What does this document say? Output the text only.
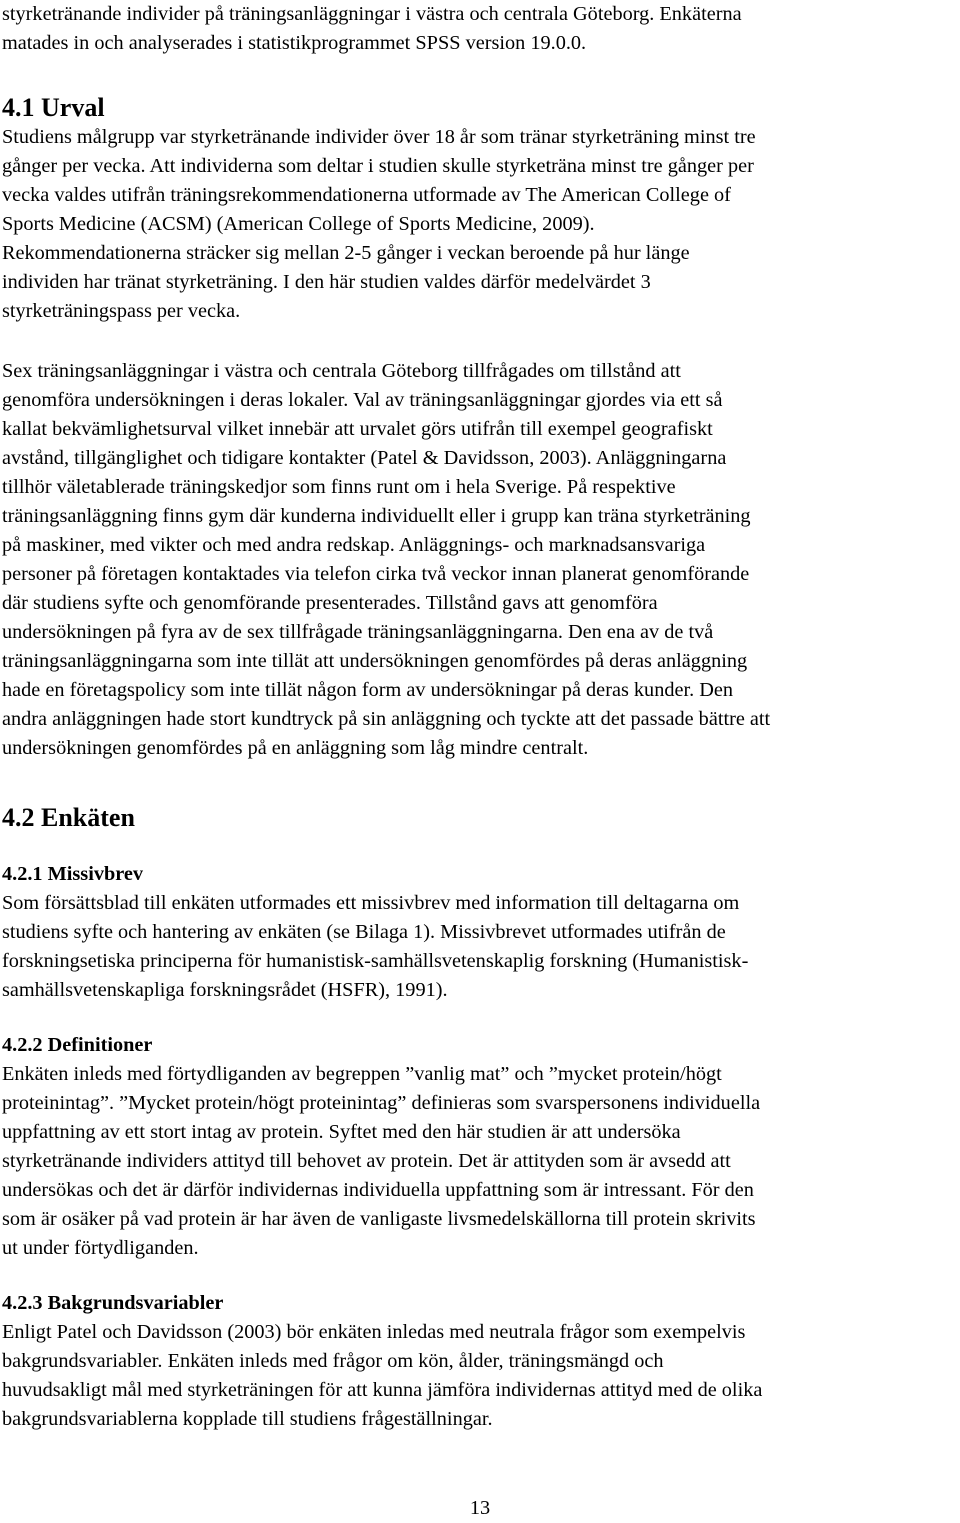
styrketränande individer på träningsanläggningar i västra och centrala Göteborg. Enkäterna
matades in och analyserades i statistikprogrammet SPSS version 19.0.0.
4.1 Urval
Studiens målgrupp var styrketränande individer över 18 år som tränar styrketräning minst tre
gånger per vecka. Att individerna som deltar i studien skulle styrketräna minst tre gånger per
vecka valdes utifrån träningsrekommendationerna utformade av The American College of
Sports Medicine (ACSM) (American College of Sports Medicine, 2009).
Rekommendationerna sträcker sig mellan 2-5 gånger i veckan beroende på hur länge
individen har tränat styrketräning. I den här studien valdes därför medelvärdet 3
styrketräningspass per vecka.
Sex träningsanläggningar i västra och centrala Göteborg tillfrågades om tillstånd att
genomföra undersökningen i deras lokaler. Val av träningsanläggningar gjordes via ett så
kallat bekvämlighetsurval vilket innebär att urvalet görs utifrån till exempel geografiskt
avstånd, tillgänglighet och tidigare kontakter (Patel & Davidsson, 2003). Anläggningarna
tillhör väletablerade träningskedjor som finns runt om i hela Sverige. På respektive
träningsanläggning finns gym där kunderna individuellt eller i grupp kan träna styrketräning
på maskiner, med vikter och med andra redskap. Anläggnings- och marknadsansvariga
personer på företagen kontaktades via telefon cirka två veckor innan planerat genomförande
där studiens syfte och genomförande presenterades. Tillstånd gavs att genomföra
undersökningen på fyra av de sex tillfrågade träningsanläggningarna. Den ena av de två
träningsanläggningarna som inte tillät att undersökningen genomfördes på deras anläggning
hade en företagspolicy som inte tillät någon form av undersökningar på deras kunder. Den
andra anläggningen hade stort kundtryck på sin anläggning och tyckte att det passade bättre att
undersökningen genomfördes på en anläggning som låg mindre centralt.
4.2 Enkäten
4.2.1 Missivbrev
Som försättsblad till enkäten utformades ett missivbrev med information till deltagarna om
studiens syfte och hantering av enkäten (se Bilaga 1). Missivbrevet utformades utifrån de
forskningsetiska principerna för humanistisk-samhällsvetenskaplig forskning (Humanistisk-
samhällsvetenskapliga forskningsrådet (HSFR), 1991).
4.2.2 Definitioner
Enkäten inleds med förtydliganden av begreppen ”vanlig mat” och ”mycket protein/högt
proteinintag”. ”Mycket protein/högt proteinintag” definieras som svarspersonens individuella
uppfattning av ett stort intag av protein. Syftet med den här studien är att undersöka
styrketränande individers attityd till behovet av protein. Det är attityden som är avsedd att
undersökas och det är därför individernas individuella uppfattning som är intressant. För den
som är osäker på vad protein är har även de vanligaste livsmedelskällorna till protein skrivits
ut under förtydliganden.
4.2.3 Bakgrundsvariabler
Enligt Patel och Davidsson (2003) bör enkäten inledas med neutrala frågor som exempelvis
bakgrundsvariabler. Enkäten inleds med frågor om kön, ålder, träningsmängd och
huvudsakligt mål med styrketräningen för att kunna jämföra individernas attityd med de olika
bakgrundsvariablerna kopplade till studiens frågeställningar.
13
